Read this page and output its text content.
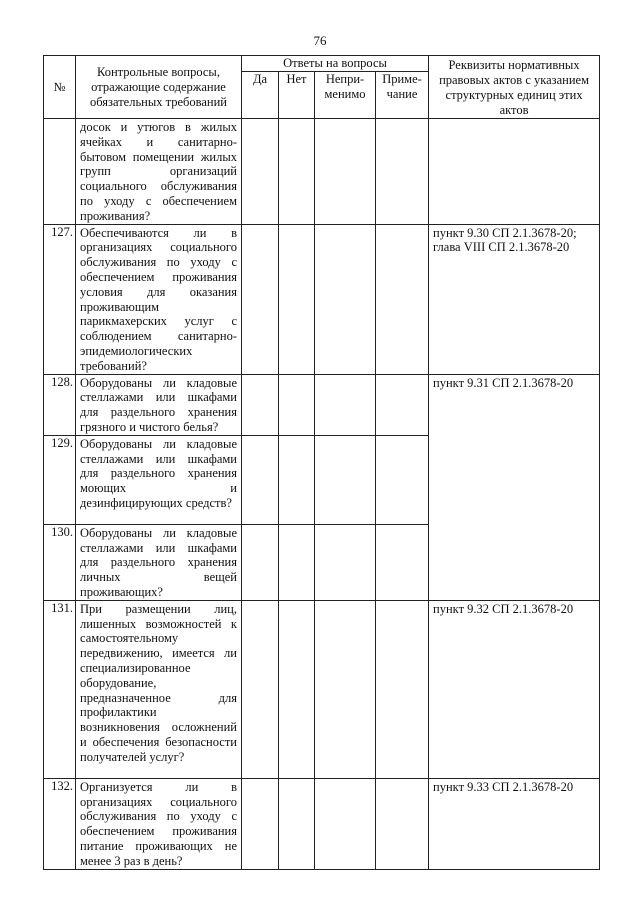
76
№	Контрольные вопросы, отражающие содержание обязательных требований	Ответы на вопросы				Реквизиты нормативных правовых актов с указанием структурных единиц этих актов
		Да	Нет	Непри-менимо	Приме-чание	
	досок и утюгов в жилых ячейках и санитарно-бытовом помещении жилых групп организаций социального обслуживания по уходу с обеспечением проживания?					
127.	Обеспечиваются ли в организациях социального обслуживания по уходу с обеспечением проживания условия для оказания проживающим парикмахерских услуг с соблюдением санитарно-эпидемиологических требований?					пункт 9.30 СП 2.1.3678-20; глава VIII СП 2.1.3678-20
128.	Оборудованы ли кладовые стеллажами или шкафами для раздельного хранения грязного и чистого белья?					пункт 9.31 СП 2.1.3678-20
129.	Оборудованы ли кладовые стеллажами или шкафами для раздельного хранения моющих и дезинфицирующих средств?					
130.	Оборудованы ли кладовые стеллажами или шкафами для раздельного хранения личных вещей проживающих?					
131.	При размещении лиц, лишенных возможностей к самостоятельному передвижению, имеется ли специализированное оборудование, предназначенное для профилактики возникновения осложнений и обеспечения безопасности получателей услуг?					пункт 9.32 СП 2.1.3678-20
132.	Организуется ли в организациях социального обслуживания по уходу с обеспечением проживания питание проживающих не менее 3 раз в день?					пункт 9.33 СП 2.1.3678-20
